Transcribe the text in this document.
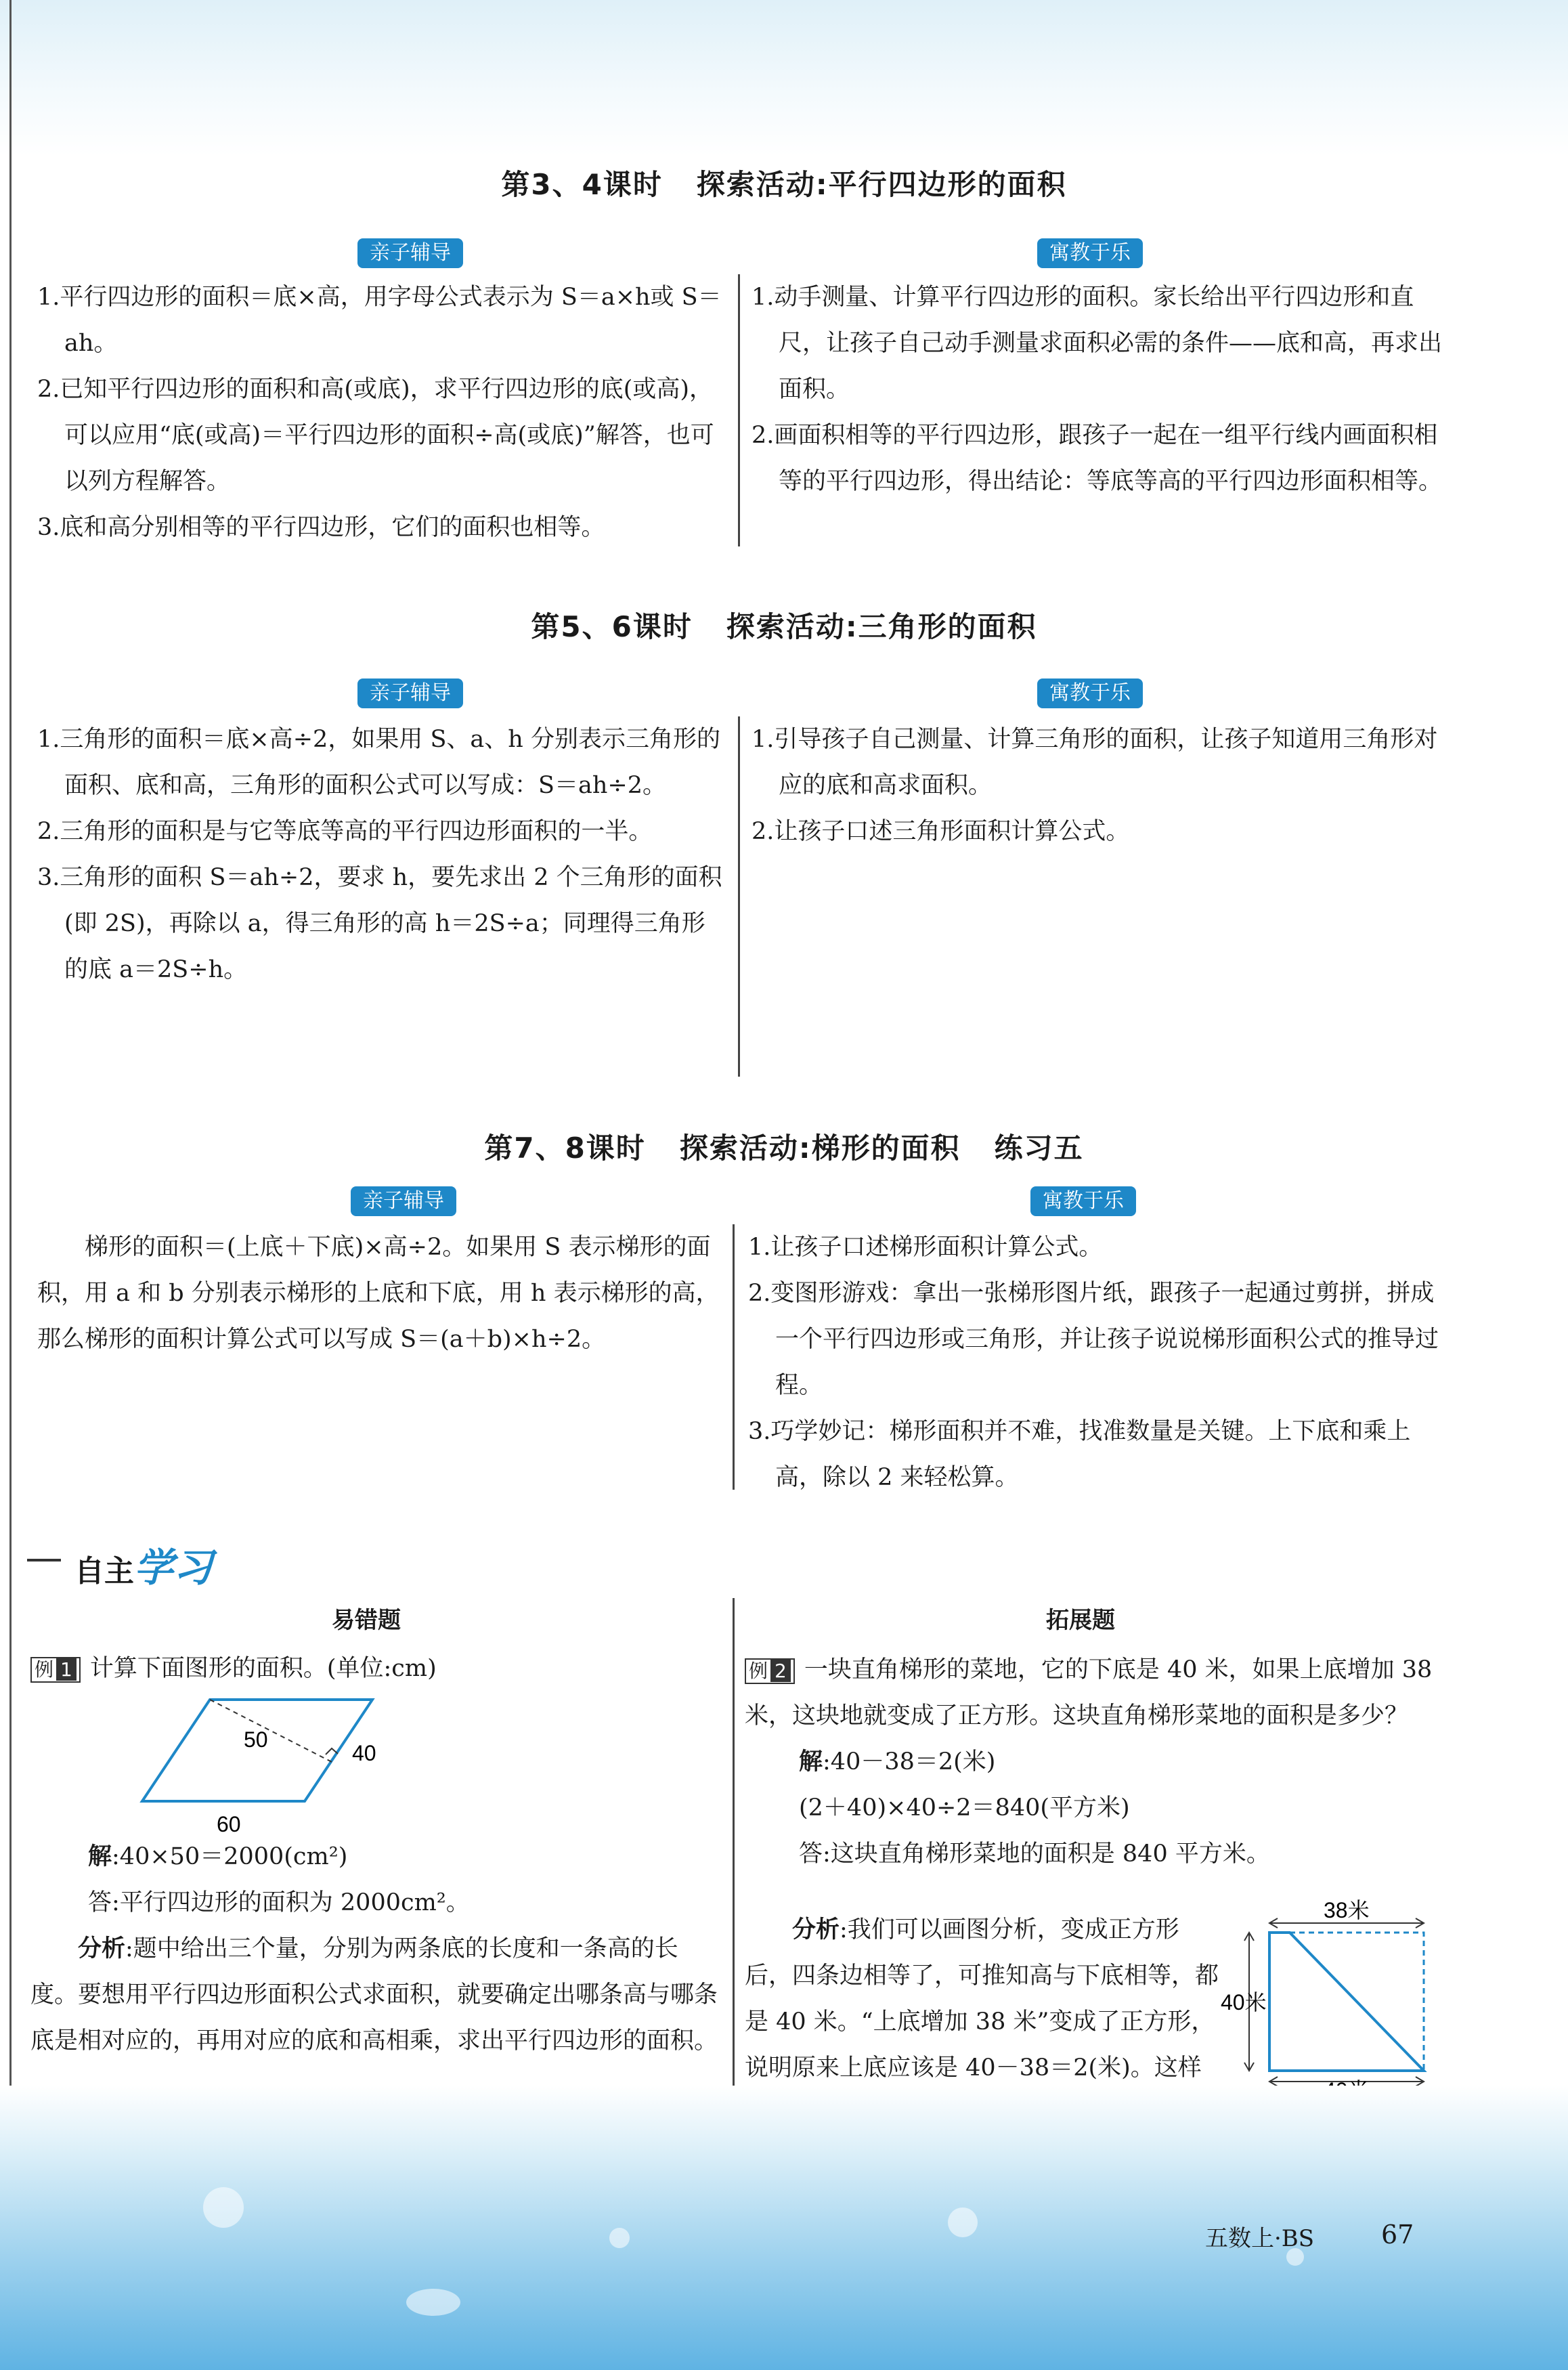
第3、4课时 探索活动:平行四边形的面积
亲子辅导	寓教于乐

1.平行四边形的面积＝底×高，用字母公式表示为 S＝a×h或 S＝ah。

2.已知平行四边形的面积和高(或底)，求平行四边形的底(或高)，可以应用“底(或高)＝平行四边形的面积÷高(或底)”解答，也可以列方程解答。

3.底和高分别相等的平行四边形，它们的面积也相等。

1.动手测量、计算平行四边形的面积。家长给出平行四边形和直尺，让孩子自己动手测量求面积必需的条件——底和高，再求出面积。

2.画面积相等的平行四边形，跟孩子一起在一组平行线内画面积相等的平行四边形，得出结论：等底等高的平行四边形面积相等。

第5、6课时 探索活动:三角形的面积
亲子辅导	寓教于乐

1.三角形的面积＝底×高÷2，如果用 S、a、h 分别表示三角形的面积、底和高，三角形的面积公式可以写成：S＝ah÷2。

2.三角形的面积是与它等底等高的平行四边形面积的一半。

3.三角形的面积 S＝ah÷2，要求 h，要先求出 2 个三角形的面积(即 2S)，再除以 a，得三角形的高 h＝2S÷a；同理得三角形的底 a＝2S÷h。

1.引导孩子自己测量、计算三角形的面积，让孩子知道用三角形对应的底和高求面积。

2.让孩子口述三角形面积计算公式。

第7、8课时 探索活动:梯形的面积 练习五
亲子辅导	寓教于乐

梯形的面积＝(上底＋下底)×高÷2。如果用 S 表示梯形的面积，用 a 和 b 分别表示梯形的上底和下底，用 h 表示梯形的高，那么梯形的面积计算公式可以写成 S＝(a＋b)×h÷2。

1.让孩子口述梯形面积计算公式。

2.变图形游戏：拿出一张梯形图片纸，跟孩子一起通过剪拼，拼成一个平行四边形或三角形，并让孩子说说梯形面积公式的推导过程。

3.巧学妙记：梯形面积并不难，找准数量是关键。上下底和乘上高，除以 2 来轻松算。

自主学习
易错题

例 1 计算下面图形的面积。(单位:cm)

50
40
60

解:40×50＝2000(cm²)

答:平行四边形的面积为 2000cm²。

分析:题中给出三个量，分别为两条底的长度和一条高的长度。要想用平行四边形面积公式求面积，就要确定出哪条高与哪条底是相对应的，再用对应的底和高相乘，求出平行四边形的面积。

拓展题

例 2 一块直角梯形的菜地，它的下底是 40 米，如果上底增加 38 米，这块地就变成了正方形。这块直角梯形菜地的面积是多少？

解:40－38＝2(米)

(2＋40)×40÷2＝840(平方米)

答:这块直角梯形菜地的面积是 840 平方米。

分析:我们可以画图分析，变成正方形后，四条边相等了，可推知高与下底相等，都是 40 米。“上底增加 38 米”变成了正方形，说明原来上底应该是 40－38＝2(米)。这样

38米
40米
五数上·BS	67
